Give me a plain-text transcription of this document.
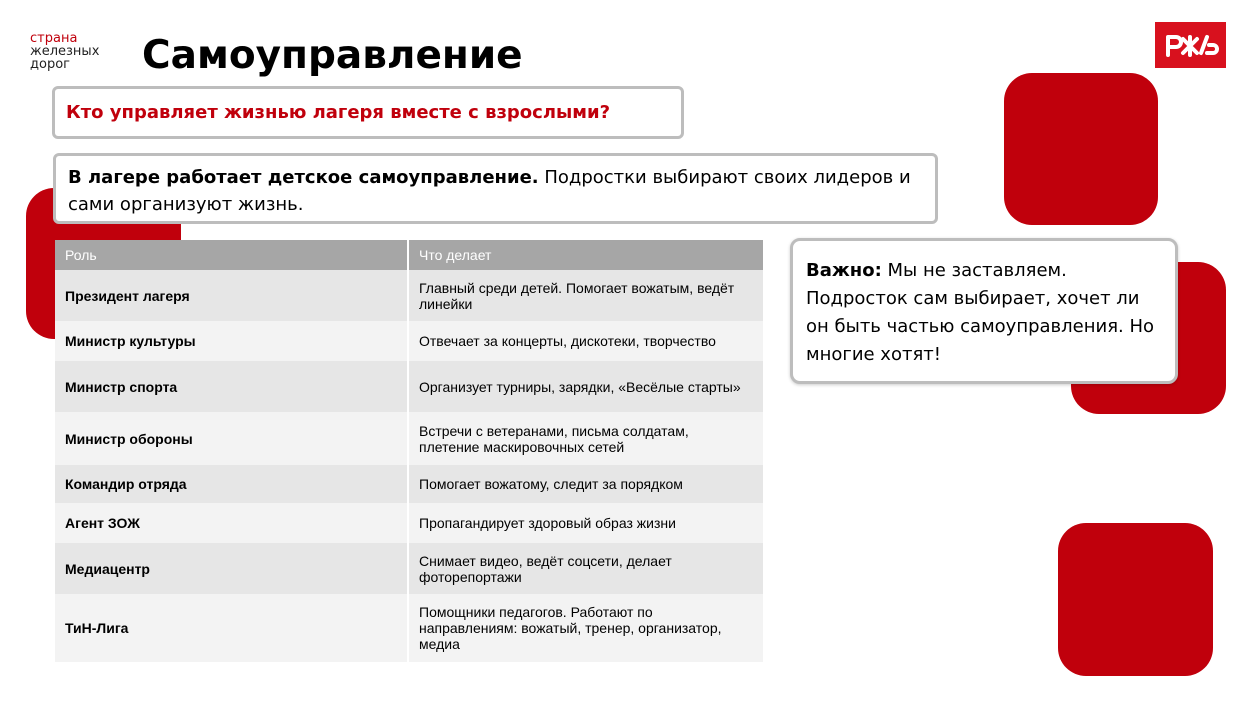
страна
железных
дорог	Самоуправление
Кто управляет жизнью лагеря вместе с взрослыми?
В лагере работает детское самоуправление. Подростки выбирают своих лидеров и сами организуют жизнь.
Роль	Что делает
Президент лагеря	Главный среди детей. Помогает вожатым, ведёт линейки
Министр культуры	Отвечает за концерты, дискотеки, творчество
Министр спорта	Организует турниры, зарядки, «Весёлые старты»
Министр обороны	Встречи с ветеранами, письма солдатам, плетение маскировочных сетей
Командир отряда	Помогает вожатому, следит за порядком
Агент ЗОЖ	Пропагандирует здоровый образ жизни
Медиацентр	Снимает видео, ведёт соцсети, делает фоторепортажи
ТиН-Лига	Помощники педагогов. Работают по направлениям: вожатый, тренер, организатор, медиа
Важно: Мы не заставляем. Подросток сам выбирает, хочет ли он быть частью самоуправления. Но многие хотят!
